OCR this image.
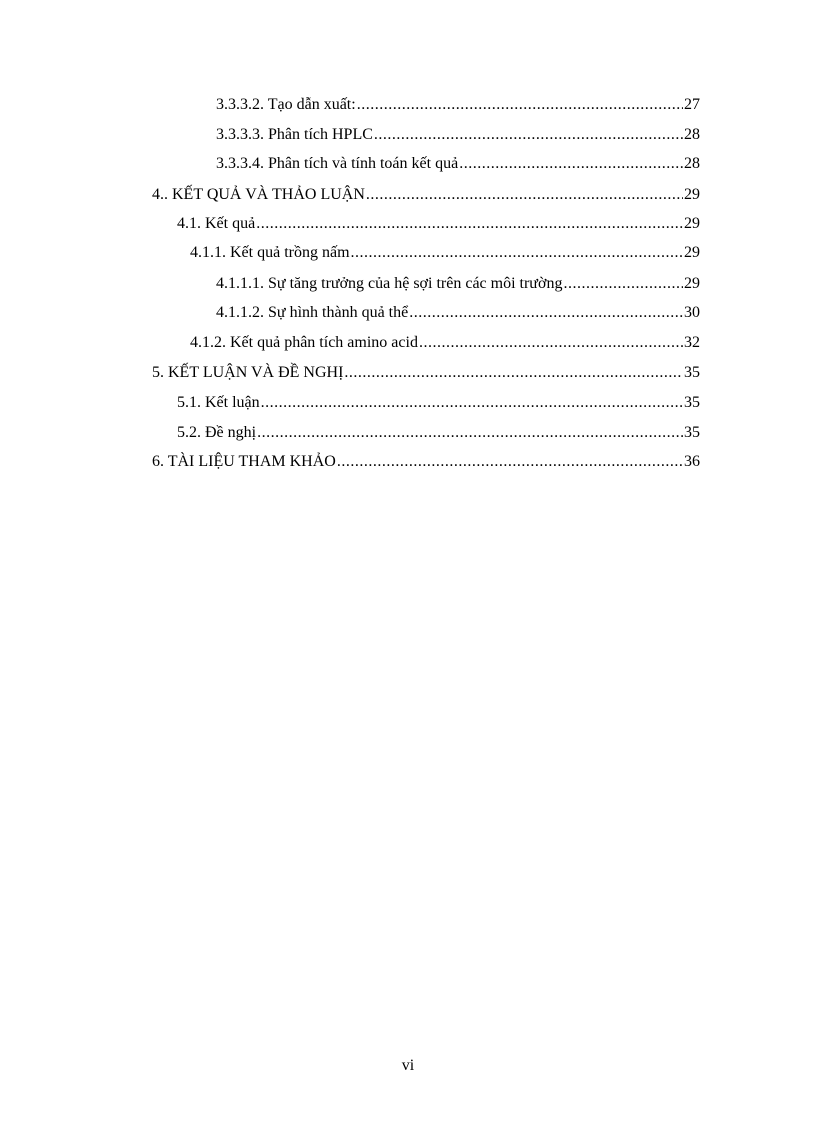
3.3.3.2. Tạo dẫn xuất: .....	27
3.3.3.3. Phân tích HPLC .....	28
3.3.3.4. Phân tích và tính toán kết quả .....	28
4.. KẾT QUẢ VÀ THẢO LUẬN .....	29
4.1. Kết quả .....	29
4.1.1. Kết quả trồng nấm .....	29
4.1.1.1. Sự tăng trưởng của hệ sợi trên các môi trường .....	29
4.1.1.2. Sự hình thành quả thể .....	30
4.1.2. Kết quả phân tích amino acid .....	32
5. KẾT LUẬN VÀ ĐỀ NGHỊ .....	35
5.1. Kết luận .....	35
5.2. Đề nghị .....	35
6. TÀI LIỆU THAM KHẢO .....	36
vi
